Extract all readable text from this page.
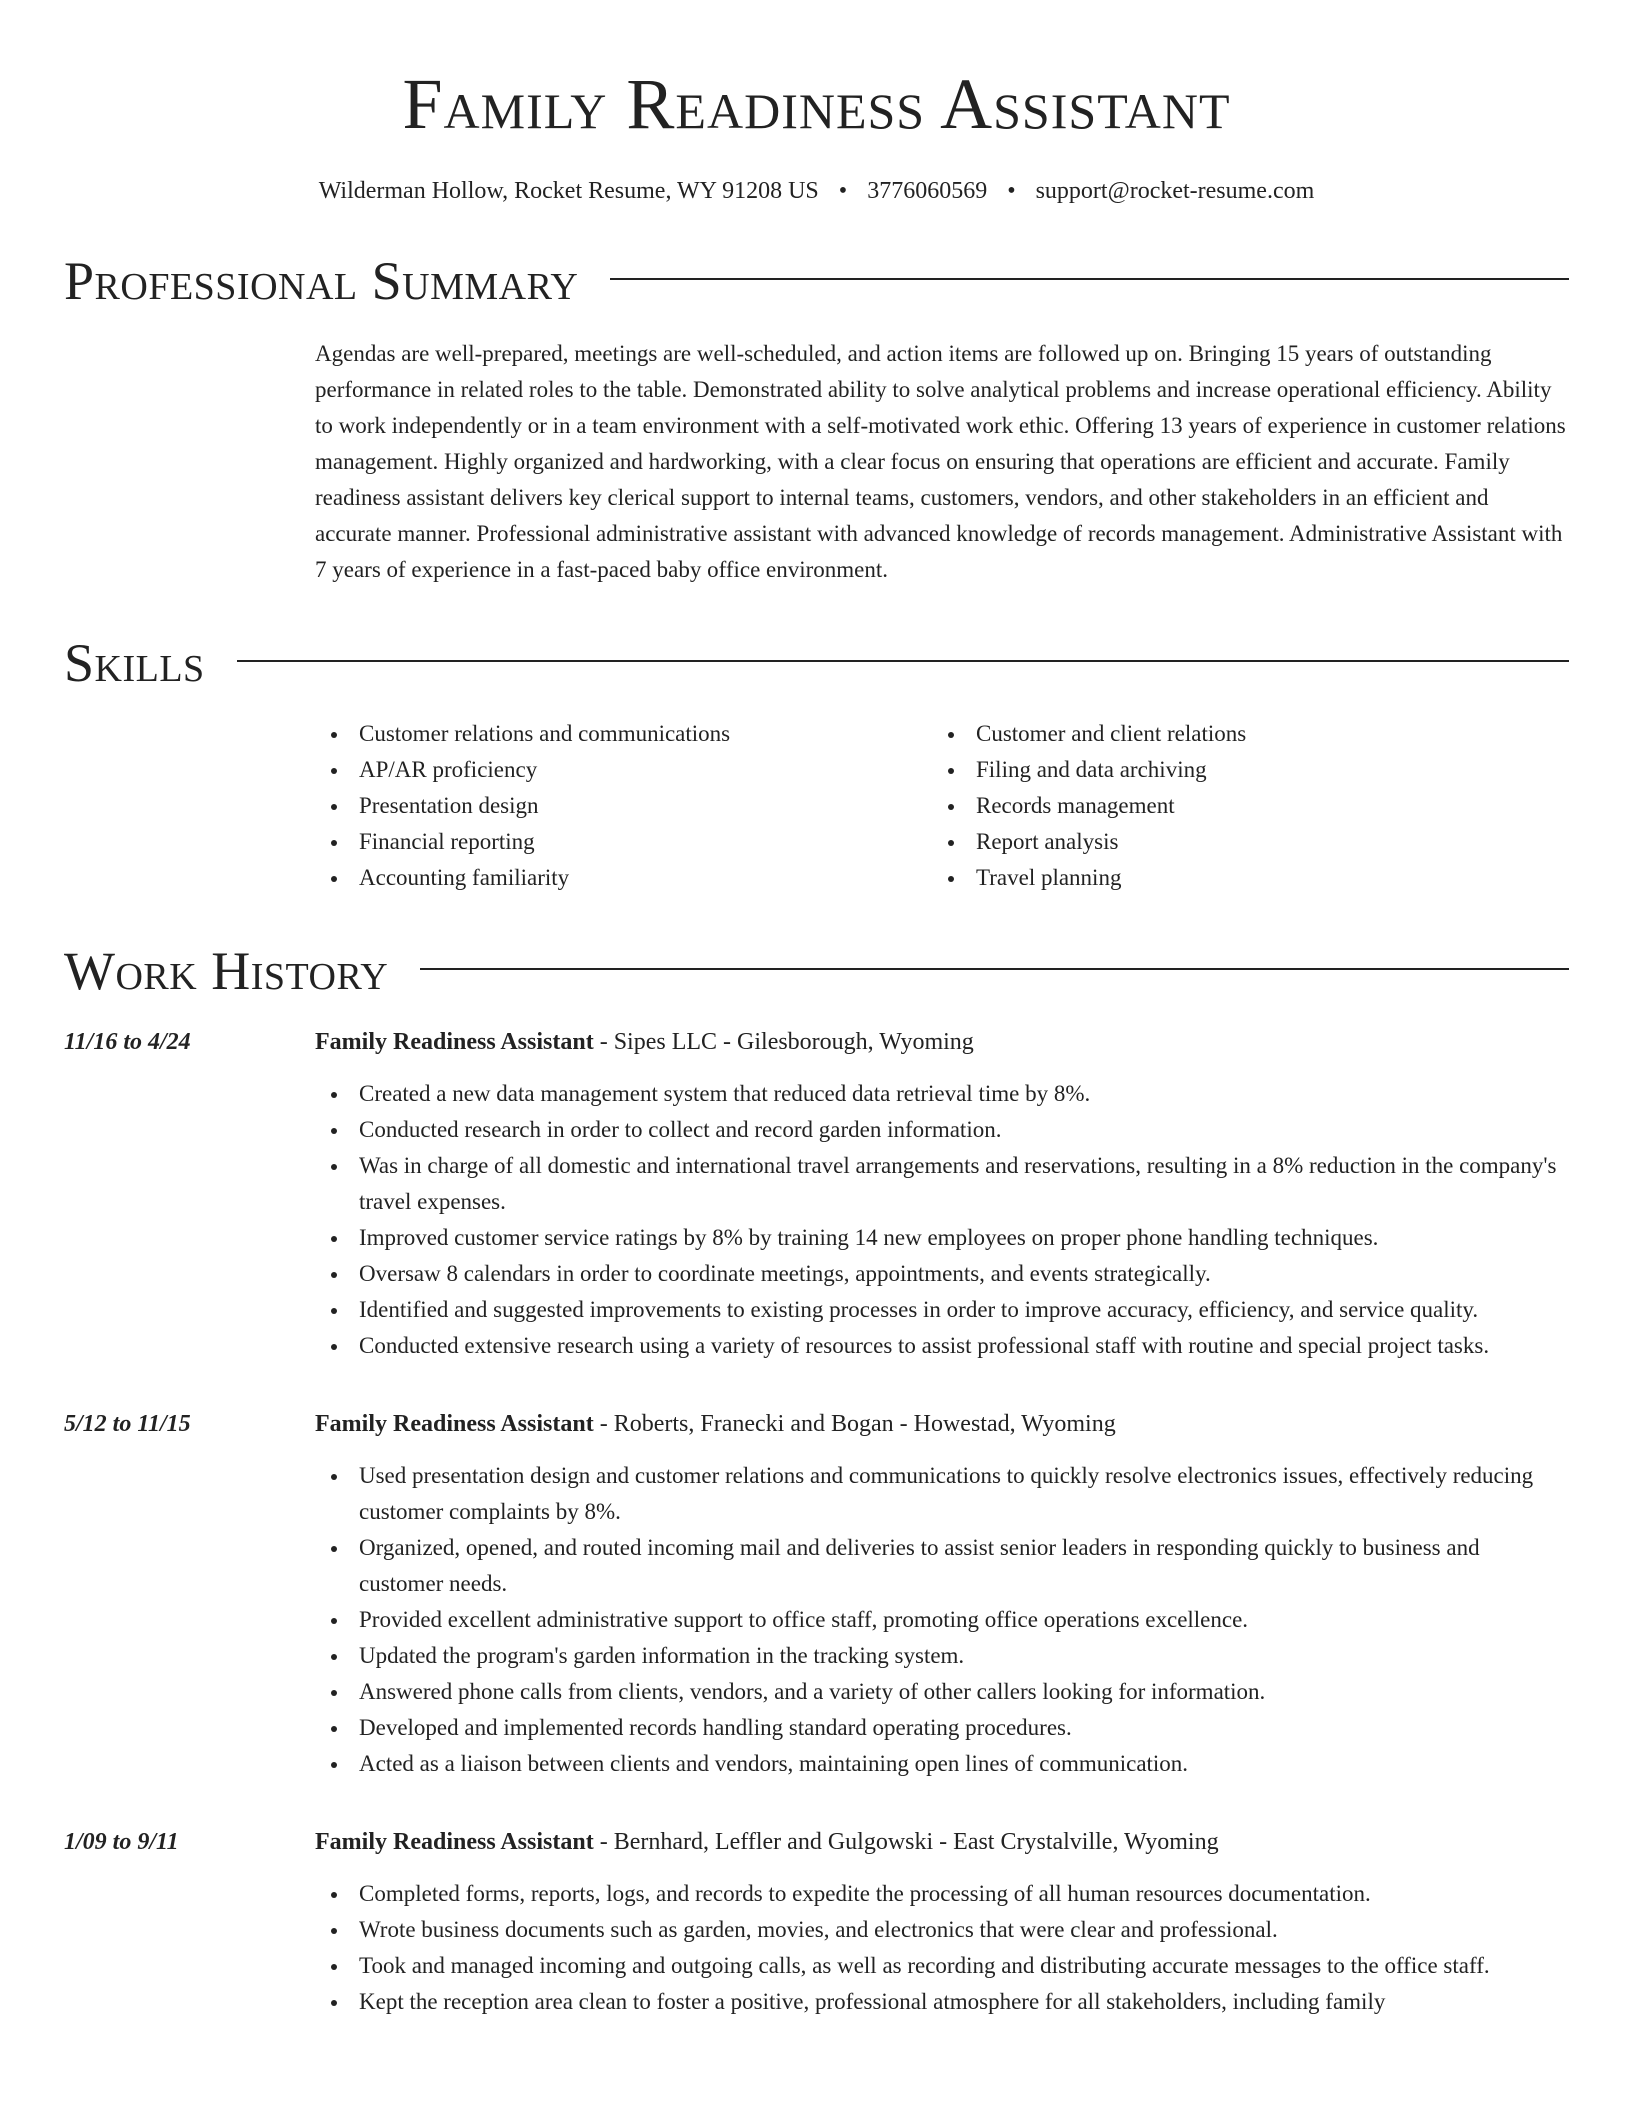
Family Readiness Assistant
Wilderman Hollow, Rocket Resume, WY 91208 US • 3776060569 • support@rocket-resume.com
Professional Summary
Agendas are well-prepared, meetings are well-scheduled, and action items are followed up on. Bringing 15 years of outstanding performance in related roles to the table. Demonstrated ability to solve analytical problems and increase operational efficiency. Ability to work independently or in a team environment with a self-motivated work ethic. Offering 13 years of experience in customer relations management. Highly organized and hardworking, with a clear focus on ensuring that operations are efficient and accurate. Family readiness assistant delivers key clerical support to internal teams, customers, vendors, and other stakeholders in an efficient and accurate manner. Professional administrative assistant with advanced knowledge of records management. Administrative Assistant with 7 years of experience in a fast-paced baby office environment.
Skills
Customer relations and communications
AP/AR proficiency
Presentation design
Financial reporting
Accounting familiarity
Customer and client relations
Filing and data archiving
Records management
Report analysis
Travel planning
Work History
11/16 to 4/24	Family Readiness Assistant - Sipes LLC - Gilesborough, Wyoming
Created a new data management system that reduced data retrieval time by 8%.
Conducted research in order to collect and record garden information.
Was in charge of all domestic and international travel arrangements and reservations, resulting in a 8% reduction in the company's travel expenses.
Improved customer service ratings by 8% by training 14 new employees on proper phone handling techniques.
Oversaw 8 calendars in order to coordinate meetings, appointments, and events strategically.
Identified and suggested improvements to existing processes in order to improve accuracy, efficiency, and service quality.
Conducted extensive research using a variety of resources to assist professional staff with routine and special project tasks.
5/12 to 11/15	Family Readiness Assistant - Roberts, Franecki and Bogan - Howestad, Wyoming
Used presentation design and customer relations and communications to quickly resolve electronics issues, effectively reducing customer complaints by 8%.
Organized, opened, and routed incoming mail and deliveries to assist senior leaders in responding quickly to business and customer needs.
Provided excellent administrative support to office staff, promoting office operations excellence.
Updated the program's garden information in the tracking system.
Answered phone calls from clients, vendors, and a variety of other callers looking for information.
Developed and implemented records handling standard operating procedures.
Acted as a liaison between clients and vendors, maintaining open lines of communication.
1/09 to 9/11	Family Readiness Assistant - Bernhard, Leffler and Gulgowski - East Crystalville, Wyoming
Completed forms, reports, logs, and records to expedite the processing of all human resources documentation.
Wrote business documents such as garden, movies, and electronics that were clear and professional.
Took and managed incoming and outgoing calls, as well as recording and distributing accurate messages to the office staff.
Kept the reception area clean to foster a positive, professional atmosphere for all stakeholders, including family
